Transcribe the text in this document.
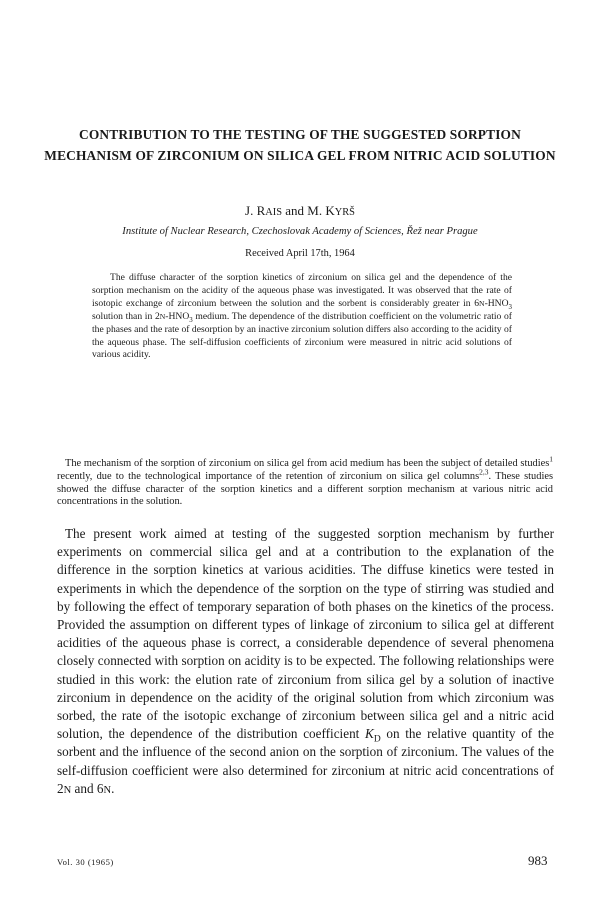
CONTRIBUTION TO THE TESTING OF THE SUGGESTED SORPTION MECHANISM OF ZIRCONIUM ON SILICA GEL FROM NITRIC ACID SOLUTION
J. RAIS and M. KYRŠ
Institute of Nuclear Research, Czechoslovak Academy of Sciences, Řež near Prague
Received April 17th, 1964

The diffuse character of the sorption kinetics of zirconium on silica gel and the dependence of the sorption mechanism on the acidity of the aqueous phase was investigated. It was observed that the rate of isotopic exchange of zirconium between the solution and the sorbent is considerably greater in $6N-HNO_3$ solution than in $2N-HNO_3$ medium. The dependence of the distribution coefficient on the volumetric ratio of the phases and the rate of desorption by an inactive zirconium solution differs also according to the acidity of the aqueous phase. The self-diffusion coefficients of zirconium were measured in nitric acid solutions of various acidity.

The mechanism of the sorption of zirconium on silica gel from acid medium has been the subject of detailed studies$^1$ recently, due to the technological importance of the retention of zirconium on silica gel columns$^{2,3}$. These studies showed the diffuse character of the sorption kinetics and a different sorption mechanism at various nitric acid concentrations in the solution.

The present work aimed at testing of the suggested sorption mechanism by further experiments on commercial silica gel and at a contribution to the explanation of the difference in the sorption kinetics at various acidities. The diffuse kinetics were tested in experiments in which the dependence of the sorption on the type of stirring was studied and by following the effect of temporary separation of both phases on the kinetics of the process. Provided the assumption on different types of linkage of zirconium to silica gel at different acidities of the aqueous phase is correct, a considerable dependence of several phenomena closely connected with sorption on acidity is to be expected. The following relationships were studied in this work: the elution rate of zirconium from silica gel by a solution of inactive zirconium in dependence on the acidity of the original solution from which zirconium was sorbed, the rate of the isotopic exchange of zirconium between silica gel and a nitric acid solution, the dependence of the distribution coefficient $K_D$ on the relative quantity of the sorbent and the influence of the second anion on the sorption of zirconium. The values of the self-diffusion coefficient were also determined for zirconium at nitric acid concentrations of 2N and 6N.

Vol. 30 (1965)	983
